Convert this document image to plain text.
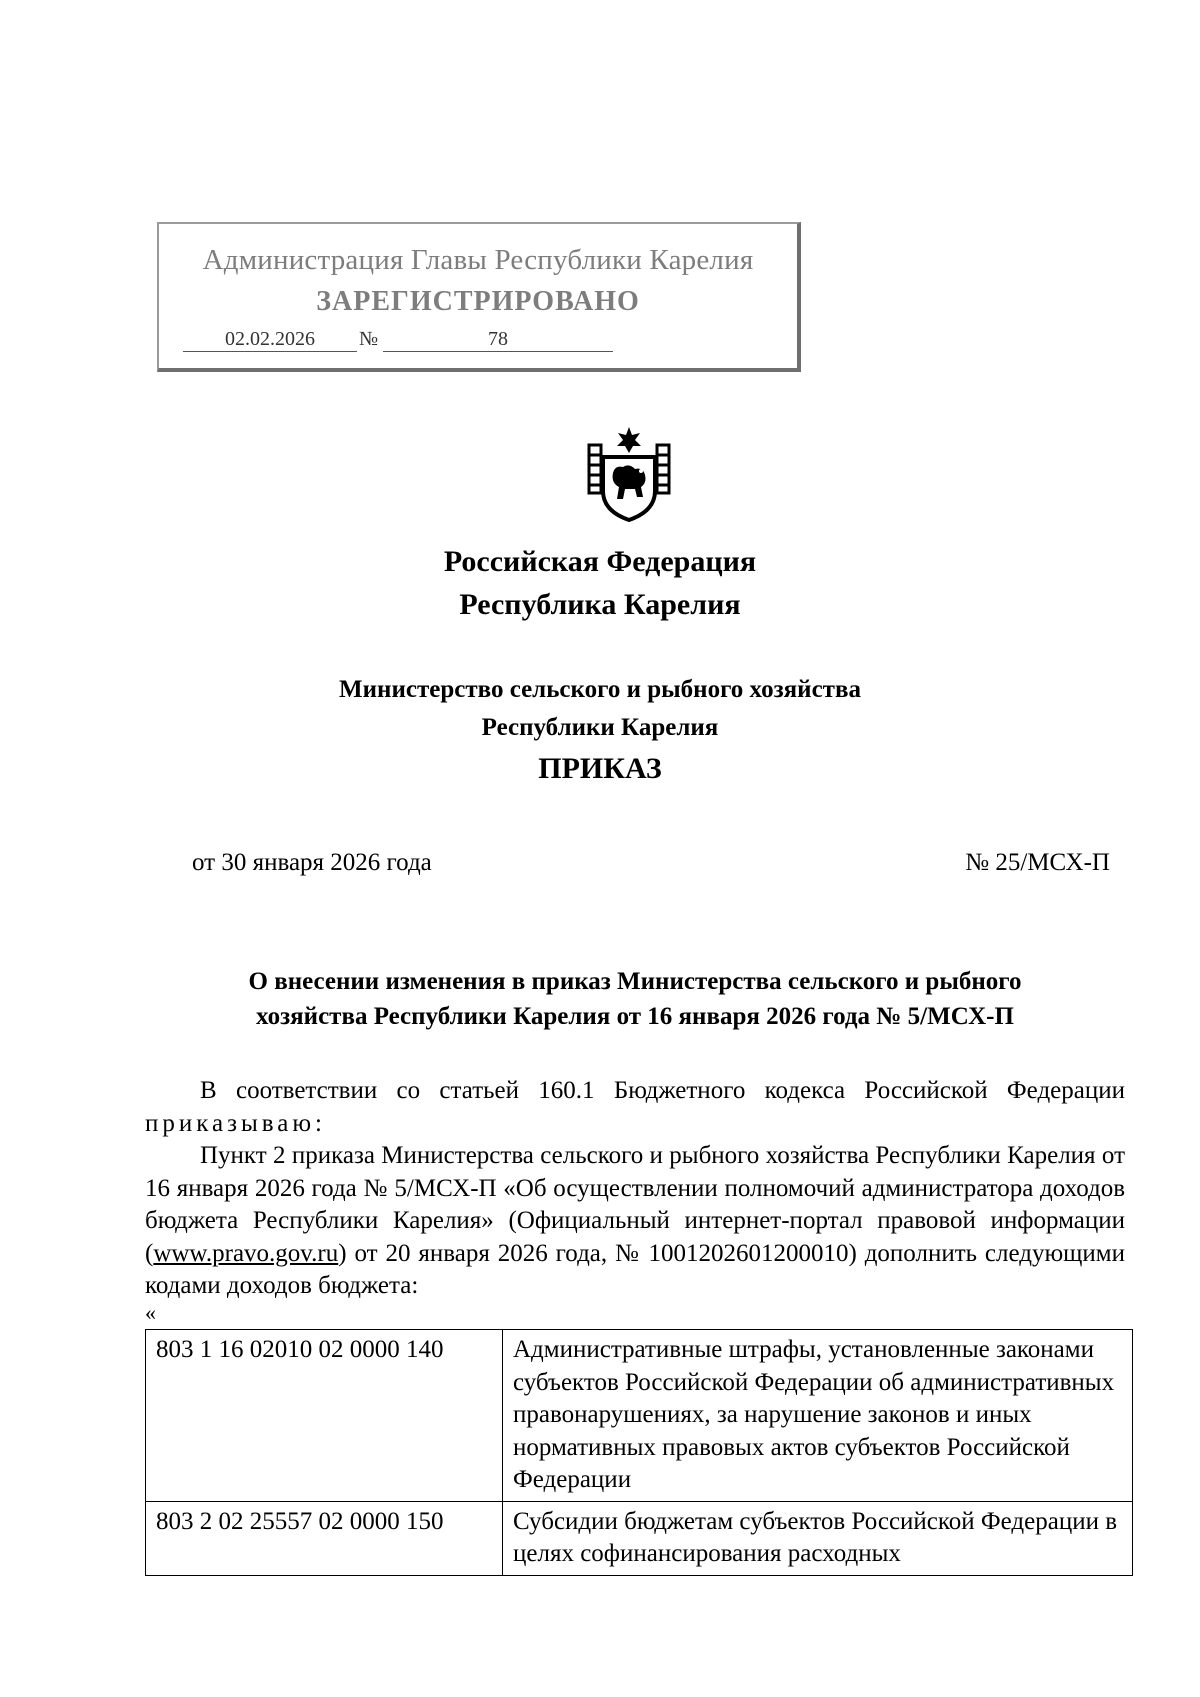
Администрация Главы Республики Карелия
ЗАРЕГИСТРИРОВАНО
02.02.2026	№	78
Российская Федерация
Республика Карелия
Министерство сельского и рыбного хозяйства
Республики Карелия
ПРИКАЗ
от 30 января 2026 года	№ 25/МСХ-П
О внесении изменения в приказ Министерства сельского и рыбного
хозяйства Республики Карелия от 16 января 2026 года № 5/МСХ-П

В соответствии со статьей 160.1 Бюджетного кодекса Российской Федерации приказываю:

Пункт 2 приказа Министерства сельского и рыбного хозяйства Республики Карелия от 16 января 2026 года № 5/МСХ-П «Об осуществлении полномочий администратора доходов бюджета Республики Карелия» (Официальный интернет-портал правовой информации (www.pravo.gov.ru) от 20 января 2026 года, № 1001202601200010) дополнить следующими кодами доходов бюджета:

«
803 1 16 02010 02 0000 140	Административные штрафы, установленные законами субъектов Российской Федерации об административных правонарушениях, за нарушение законов и иных нормативных правовых актов субъектов Российской Федерации
803 2 02 25557 02 0000 150	Субсидии бюджетам субъектов Российской Федерации в целях софинансирования расходных
